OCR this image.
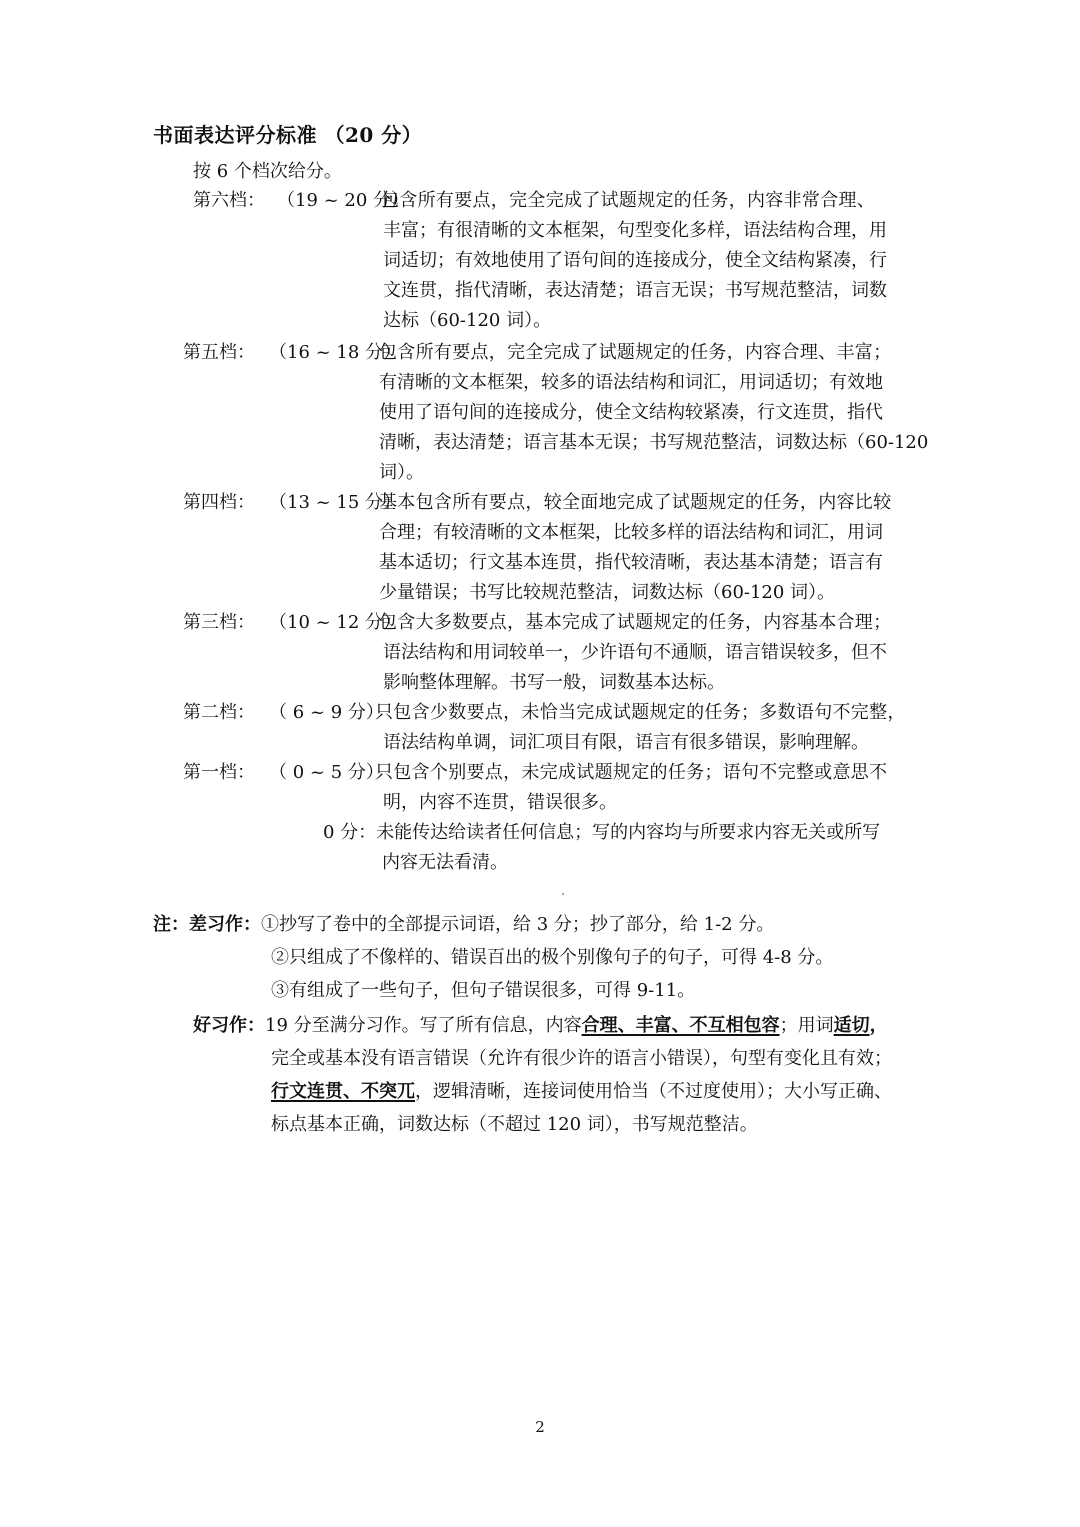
书面表达评分标准 （20 分）
按 6 个档次给分。
第六档： （19 ~ 20 分）
包含所有要点，完全完成了试题规定的任务，内容非常合理、
丰富；有很清晰的文本框架，句型变化多样，语法结构合理，用
词适切；有效地使用了语句间的连接成分，使全文结构紧凑，行
文连贯，指代清晰，表达清楚；语言无误；书写规范整洁，词数
达标（60-120 词）。
第五档： （16 ~ 18 分）
包含所有要点，完全完成了试题规定的任务，内容合理、丰富；
有清晰的文本框架，较多的语法结构和词汇，用词适切；有效地
使用了语句间的连接成分，使全文结构较紧凑，行文连贯，指代
清晰，表达清楚；语言基本无误；书写规范整洁，词数达标（60-120
词）。
第四档： （13 ~ 15 分）
基本包含所有要点，较全面地完成了试题规定的任务，内容比较
合理；有较清晰的文本框架，比较多样的语法结构和词汇，用词
基本适切；行文基本连贯，指代较清晰，表达基本清楚；语言有
少量错误；书写比较规范整洁，词数达标（60-120 词）。
第三档： （10 ~ 12 分）
包含大多数要点，基本完成了试题规定的任务，内容基本合理；
语法结构和用词较单一，少许语句不通顺，语言错误较多，但不
影响整体理解。书写一般，词数基本达标。
第二档： （ 6 ~ 9 分）
只包含少数要点，未恰当完成试题规定的任务；多数语句不完整，
语法结构单调，词汇项目有限，语言有很多错误，影响理解。
第一档： （ 0 ~ 5 分）
只包含个别要点，未完成试题规定的任务；语句不完整或意思不
明，内容不连贯，错误很多。
0 分：未能传达给读者任何信息；写的内容均与所要求内容无关或所写
内容无法看清。
注：差习作：①抄写了卷中的全部提示词语，给 3 分；抄了部分，给 1-2 分。
②只组成了不像样的、错误百出的极个别像句子的句子，可得 4-8 分。
③有组成了一些句子，但句子错误很多，可得 9-11。
好习作：19 分至满分习作。写了所有信息，内容合理、丰富、不互相包容；用词适切，
完全或基本没有语言错误（允许有很少许的语言小错误），句型有变化且有效；
行文连贯、不突兀，逻辑清晰，连接词使用恰当（不过度使用）；大小写正确、
标点基本正确，词数达标（不超过 120 词），书写规范整洁。
2
